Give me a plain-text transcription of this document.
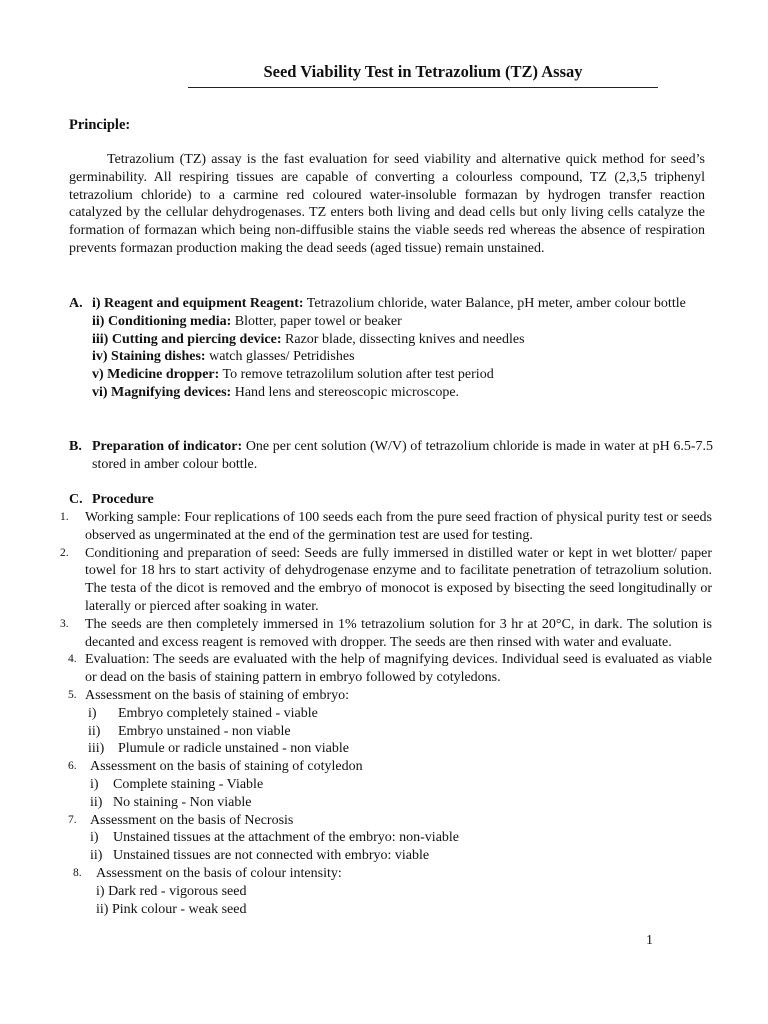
Seed Viability Test in Tetrazolium (TZ) Assay
Principle:
Tetrazolium (TZ) assay is the fast evaluation for seed viability and alternative quick method for seed’s germinability. All respiring tissues are capable of converting a colourless compound, TZ (2,3,5 triphenyl tetrazolium chloride) to a carmine red coloured water-insoluble formazan by hydrogen transfer reaction catalyzed by the cellular dehydrogenases. TZ enters both living and dead cells but only living cells catalyze the formation of formazan which being non-diffusible stains the viable seeds red whereas the absence of respiration prevents formazan production making the dead seeds (aged tissue) remain unstained.
A. i) Reagent and equipment Reagent: Tetrazolium chloride, water Balance, pH meter, amber colour bottle
ii) Conditioning media: Blotter, paper towel or beaker
iii) Cutting and piercing device: Razor blade, dissecting knives and needles
iv) Staining dishes: watch glasses/ Petridishes
v) Medicine dropper: To remove tetrazolilum solution after test period
vi) Magnifying devices: Hand lens and stereoscopic microscope.
B. Preparation of indicator: One per cent solution (W/V) of tetrazolium chloride is made in water at pH 6.5-7.5 stored in amber colour bottle.
C. Procedure
1. Working sample: Four replications of 100 seeds each from the pure seed fraction of physical purity test or seeds observed as ungerminated at the end of the germination test are used for testing.
2. Conditioning and preparation of seed: Seeds are fully immersed in distilled water or kept in wet blotter/ paper towel for 18 hrs to start activity of dehydrogenase enzyme and to facilitate penetration of tetrazolium solution. The testa of the dicot is removed and the embryo of monocot is exposed by bisecting the seed longitudinally or laterally or pierced after soaking in water.
3. The seeds are then completely immersed in 1% tetrazolium solution for 3 hr at 20°C, in dark. The solution is decanted and excess reagent is removed with dropper. The seeds are then rinsed with water and evaluate.
4. Evaluation: The seeds are evaluated with the help of magnifying devices. Individual seed is evaluated as viable or dead on the basis of staining pattern in embryo followed by cotyledons.
5. Assessment on the basis of staining of embryo:
i) Embryo completely stained - viable
ii) Embryo unstained - non viable
iii) Plumule or radicle unstained - non viable
6. Assessment on the basis of staining of cotyledon
i) Complete staining - Viable
ii) No staining - Non viable
7. Assessment on the basis of Necrosis
i) Unstained tissues at the attachment of the embryo: non-viable
ii) Unstained tissues are not connected with embryo: viable
8. Assessment on the basis of colour intensity:
i) Dark red - vigorous seed
ii) Pink colour - weak seed
1
